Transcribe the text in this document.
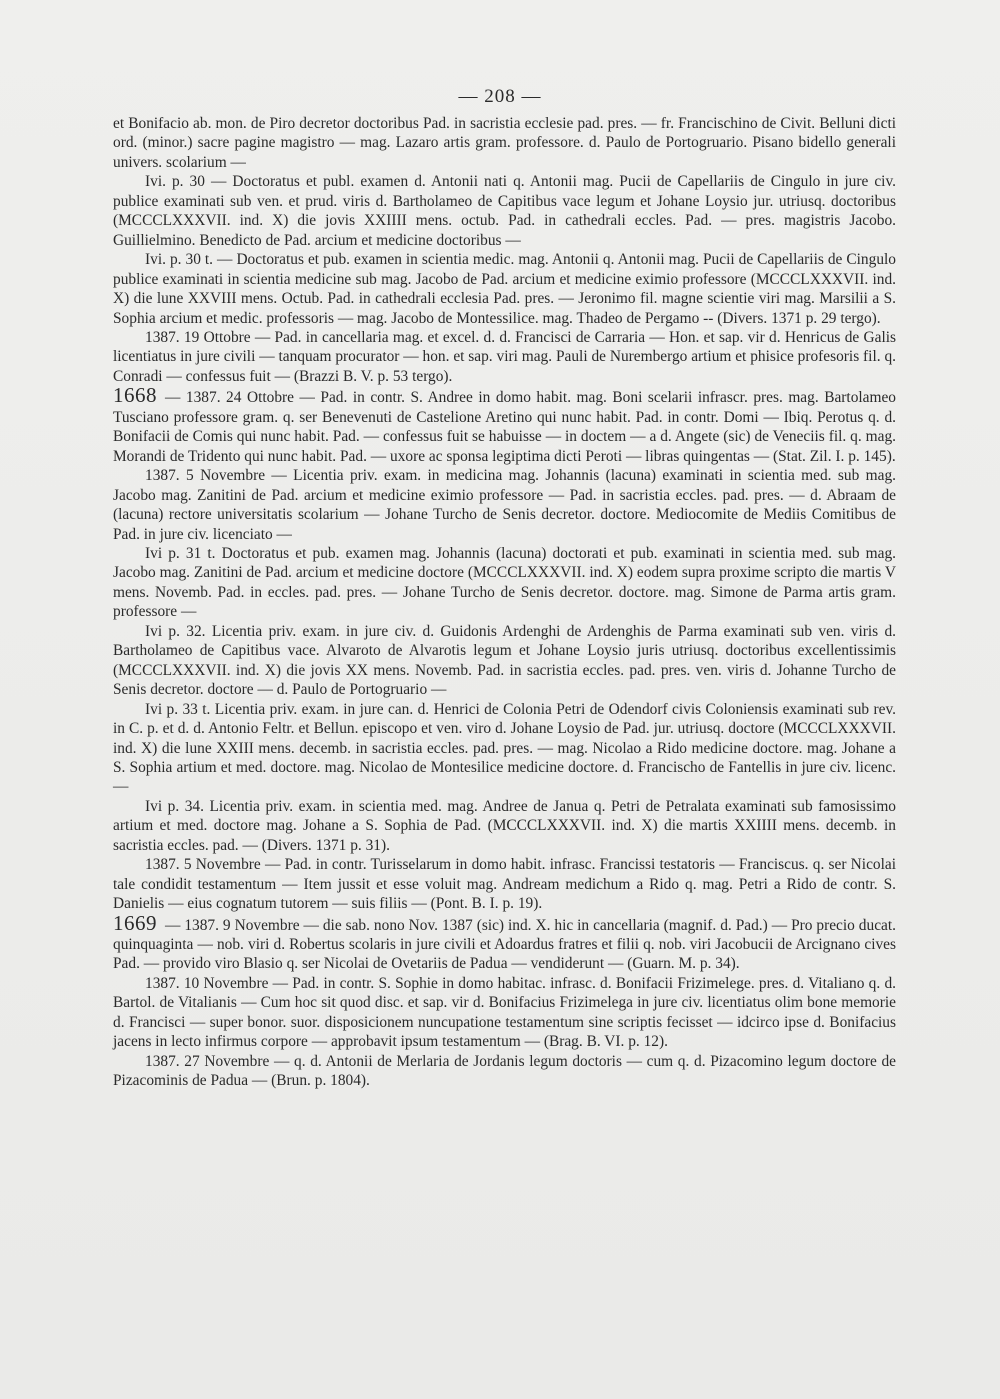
— 208 —

et Bonifacio ab. mon. de Piro decretor doctoribus Pad. in sacristia ecclesie pad. pres. — fr. Francischino de Civit. Belluni dicti ord. (minor.) sacre pagine magistro — mag. Lazaro artis gram. professore. d. Paulo de Portogruario. Pisano bidello generali univers. scolarium —

Ivi. p. 30 — Doctoratus et publ. examen d. Antonii nati q. Antonii mag. Pucii de Capellariis de Cingulo in jure civ. publice examinati sub ven. et prud. viris d. Bartholameo de Capitibus vace legum et Johane Loysio jur. utriusq. doctoribus (MCCCLXXXVII. ind. X) die jovis XXIIII mens. octub. Pad. in cathedrali eccles. Pad. — pres. magistris Jacobo. Guillielmino. Benedicto de Pad. arcium et medicine doctoribus —

Ivi. p. 30 t. — Doctoratus et pub. examen in scientia medic. mag. Antonii q. Antonii mag. Pucii de Capellariis de Cingulo publice examinati in scientia medicine sub mag. Jacobo de Pad. arcium et medicine eximio professore (MCCCLXXXVII. ind. X) die lune XXVIII mens. Octub. Pad. in cathedrali ecclesia Pad. pres. — Jeronimo fil. magne scientie viri mag. Marsilii a S. Sophia arcium et medic. professoris — mag. Jacobo de Montessilice. mag. Thadeo de Pergamo -- (Divers. 1371 p. 29 tergo).

1387. 19 Ottobre — Pad. in cancellaria mag. et excel. d. d. Francisci de Carraria — Hon. et sap. vir d. Henricus de Galis licentiatus in jure civili — tanquam procurator — hon. et sap. viri mag. Pauli de Nurembergo artium et phisice profesoris fil. q. Conradi — confessus fuit — (Brazzi B. V. p. 53 tergo).

1668 — 1387. 24 Ottobre — Pad. in contr. S. Andree in domo habit. mag. Boni scelarii infrascr. pres. mag. Bartolameo Tusciano professore gram. q. ser Benevenuti de Castelione Aretino qui nunc habit. Pad. in contr. Domi — Ibiq. Perotus q. d. Bonifacii de Comis qui nunc habit. Pad. — confessus fuit se habuisse — in doctem — a d. Angete (sic) de Veneciis fil. q. mag. Morandi de Tridento qui nunc habit. Pad. — uxore ac sponsa legiptima dicti Peroti — libras quingentas — (Stat. Zil. I. p. 145).

1387. 5 Novembre — Licentia priv. exam. in medicina mag. Johannis (lacuna) examinati in scientia med. sub mag. Jacobo mag. Zanitini de Pad. arcium et medicine eximio professore — Pad. in sacristia eccles. pad. pres. — d. Abraam de (lacuna) rectore universitatis scolarium — Johane Turcho de Senis decretor. doctore. Mediocomite de Mediis Comitibus de Pad. in jure civ. licenciato —

Ivi p. 31 t. Doctoratus et pub. examen mag. Johannis (lacuna) doctorati et pub. examinati in scientia med. sub mag. Jacobo mag. Zanitini de Pad. arcium et medicine doctore (MCCCLXXXVII. ind. X) eodem supra proxime scripto die martis V mens. Novemb. Pad. in eccles. pad. pres. — Johane Turcho de Senis decretor. doctore. mag. Simone de Parma artis gram. professore —

Ivi p. 32. Licentia priv. exam. in jure civ. d. Guidonis Ardenghi de Ardenghis de Parma examinati sub ven. viris d. Bartholameo de Capitibus vace. Alvaroto de Alvarotis legum et Johane Loysio juris utriusq. doctoribus excellentissimis (MCCCLXXXVII. ind. X) die jovis XX mens. Novemb. Pad. in sacristia eccles. pad. pres. ven. viris d. Johanne Turcho de Senis decretor. doctore — d. Paulo de Portogruario —

Ivi p. 33 t. Licentia priv. exam. in jure can. d. Henrici de Colonia Petri de Odendorf civis Coloniensis examinati sub rev. in C. p. et d. d. Antonio Feltr. et Bellun. episcopo et ven. viro d. Johane Loysio de Pad. jur. utriusq. doctore (MCCCLXXXVII. ind. X) die lune XXIII mens. decemb. in sacristia eccles. pad. pres. — mag. Nicolao a Rido medicine doctore. mag. Johane a S. Sophia artium et med. doctore. mag. Nicolao de Montesilice medicine doctore. d. Francischo de Fantellis in jure civ. licenc. —

Ivi p. 34. Licentia priv. exam. in scientia med. mag. Andree de Janua q. Petri de Petralata examinati sub famosissimo artium et med. doctore mag. Johane a S. Sophia de Pad. (MCCCLXXXVII. ind. X) die martis XXIIII mens. decemb. in sacristia eccles. pad. — (Divers. 1371 p. 31).

1387. 5 Novembre — Pad. in contr. Turisselarum in domo habit. infrasc. Francissi testatoris — Franciscus. q. ser Nicolai tale condidit testamentum — Item jussit et esse voluit mag. Andream medichum a Rido q. mag. Petri a Rido de contr. S. Danielis — eius cognatum tutorem — suis filiis — (Pont. B. I. p. 19).

1669 — 1387. 9 Novembre — die sab. nono Nov. 1387 (sic) ind. X. hic in cancellaria (magnif. d. Pad.) — Pro precio ducat. quinquaginta — nob. viri d. Robertus scolaris in jure civili et Adoardus fratres et filii q. nob. viri Jacobucii de Arcignano cives Pad. — provido viro Blasio q. ser Nicolai de Ovetariis de Padua — vendiderunt — (Guarn. M. p. 34).

1387. 10 Novembre — Pad. in contr. S. Sophie in domo habitac. infrasc. d. Bonifacii Frizimelege. pres. d. Vitaliano q. d. Bartol. de Vitalianis — Cum hoc sit quod disc. et sap. vir d. Bonifacius Frizimelega in jure civ. licentiatus olim bone memorie d. Francisci — super bonor. suor. disposicionem nuncupatione testamentum sine scriptis fecisset — idcirco ipse d. Bonifacius jacens in lecto infirmus corpore — approbavit ipsum testamentum — (Brag. B. VI. p. 12).

1387. 27 Novembre — q. d. Antonii de Merlaria de Jordanis legum doctoris — cum q. d. Pizacomino legum doctore de Pizacominis de Padua — (Brun. p. 1804).
